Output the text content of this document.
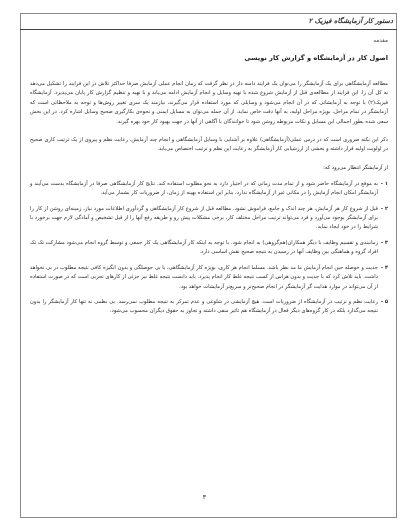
دستور کار آزمایشگاه فیزیک ۲
مقدمه
اصول کار در آزمایشگاه و گزارش کار نویسی

مطالعه آزمایشگاهی برای یک آزمایشگر را می‌توان یک فرایند دامنه دار در نظر گرفت که زمان انجام عملی آزمایش صرفا حداکثر تلاش در این فرایند را تشکیل می‌دهد نه کل آن را. این فرایند از مطالعه‌ی قبل از آزمایش شروع شده با تهیه وسایل و انجام آزمایش ادامه می‌یابد و با تهیه و تنظیم گزارش کار پایان می‌پذیرد. آزمایشگاه فیزیک(۲) با توجه به آزمایشاتی که در آن انجام می‌شود و وسایلی که مورد استفاده قرار می‌گیرند، نیازمند یک سری تغییر روش‌ها و توجه به ملاحظاتی است که آزمایشگر در تمام مراحل، بویژه مراحل اولیه، به آنها دقت خاص نماید. از آن جمله می‌توان به مسایل ایمنی و نحوه‌ی بکارگیری صحیح وسایل اشاره کرد. در این بخش سعی شده بطور اجمالی این مسایل و نکات مربوطه روشن شود تا خوانندگان با آگاهی از آنها در جهت بهبود کار خود بهره گیرند.

ذکر این نکته ضروری است که در درس عملی(آزمایشگاهی) علاوه بر آشنایی با وسایل آزمایشگاهی و انجام چند آزمایش، رعایت نظم و پیروی از یک ترتیب کاری صحیح در اولویت اولیه قرار داشته و بخشی از ارزشیابی کار آزمایشگر به رعایت این نظم و ترتیب اختصاص می‌یابد.

از آزمایشگر انتظار می‌رود که:
۱ -
به موقع در آزمایشگاه حاضر شود و از تمام مدت زمانی که در اختیار دارد به نحو مطلوب استفاده کند. نتایج کار آزمایشگاهی صرفا در آزمایشگاه بدست می‌آیند و آزمایشگر امکان انجام آزمایش را در مکانی غیر از آزمایشگاه ندارد، بنابر این استفاده بهینه از زمان، از ضروریات کار بشمار می‌آید.
۲ -
قبل از شروع کار هر آزمایش، هر چند اندک و جامع، فراموش نشود. مطالعه قبل از شروع کار آزمایشگاهی و گردآوری اطلاعات مورد نیاز، زمینه‌ای روشن از کار را برای آزمایشگر بوجود می‌آورد و فرد می‌تواند ترتیب مراحل مختلف کار، برخی مشکلات پیش رو و طریقه رفع آنها را از قبل تشخیص و آمادگی لازم جهت برخورد با شرایط را در خود ایجاد نماید.
۳ -
زمانبندی و تقسیم وظایف با دیگر همکاران(هم‌گروهی) به انجام شود. با توجه به اینکه کار آزمایشگاهی یک کار جمعی و توسط گروه انجام می‌شود مشارکت تک تک افراد گروه و هماهنگی بین وظایف آنها در رسیدن به نتیجه صحیح نقش اساسی دارد.
۴ -
جدیت و حوصله حین انجام آزمایش ما مد نظر باشد. مسلما انجام هر کاری، بویژه کار آزمایشگاهی، با بی حوصلگی و بدون انگیزه کافی نتیجه مطلوب در بی نخواهد داشت. باید تلاش کرد که با جدیت و بدون هراس از کسب نتیجه غلط کار انجام پذیرد. باید دانست نتیجه غلط نیز جزئی از کارهای تجربی است که در صورت استفاده از آن می‌تواند در موارد هدایت گر آزمایشگر در انجام صحیح‌تر و سریع‌تر آزمایشات خواهد بود.
۵ -
رعایت نظم و ترتیب در آزمایشگاه از ضروریات است. هیچ آزمایشی در شلوغی و عدم تمرکز به نتیجه مطلوب نمی‌رسد. بی نظمی نه تنها کار آزمایشگر را بدون نتیجه می‌گذارد بلکه در کار گروه‌های دیگر فعال در آزمایشگاه هم تاثیر منفی داشته و تجاوز به حقوق دیگران محسوب می‌شود.
۳
